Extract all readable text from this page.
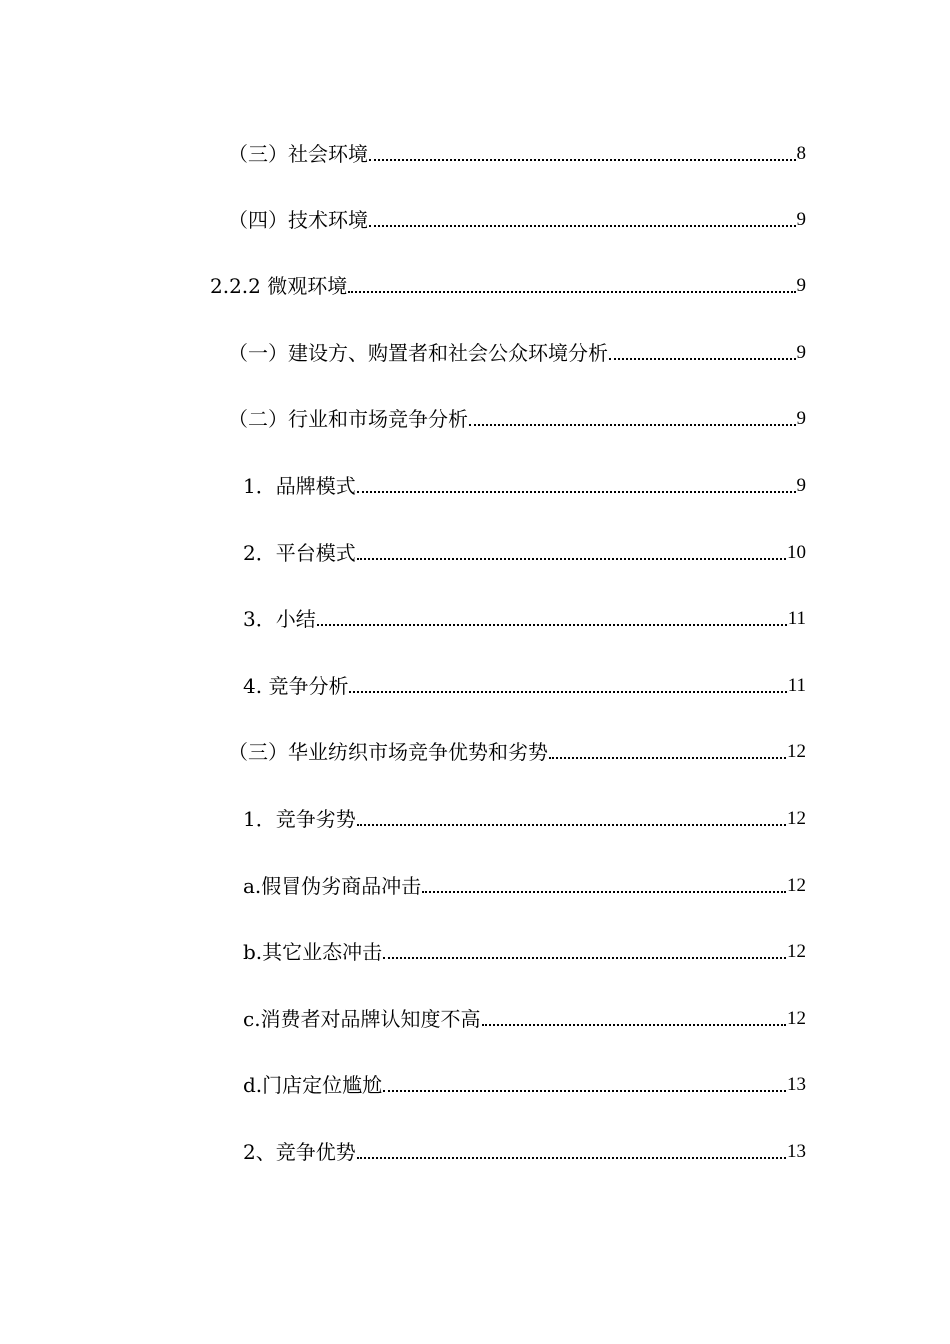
（三）社会环境	8
（四）技术环境	9
2.2.2 微观环境	9
（一）建设方、购置者和社会公众环境分析	9
（二）行业和市场竞争分析	9
1．品牌模式	9
2．平台模式	10
3．小结	11
4. 竞争分析	11
（三）华业纺织市场竞争优势和劣势	12
1．竞争劣势	12
a.假冒伪劣商品冲击	12
b.其它业态冲击	12
c.消费者对品牌认知度不高	12
d.门店定位尴尬	13
2、竞争优势	13
